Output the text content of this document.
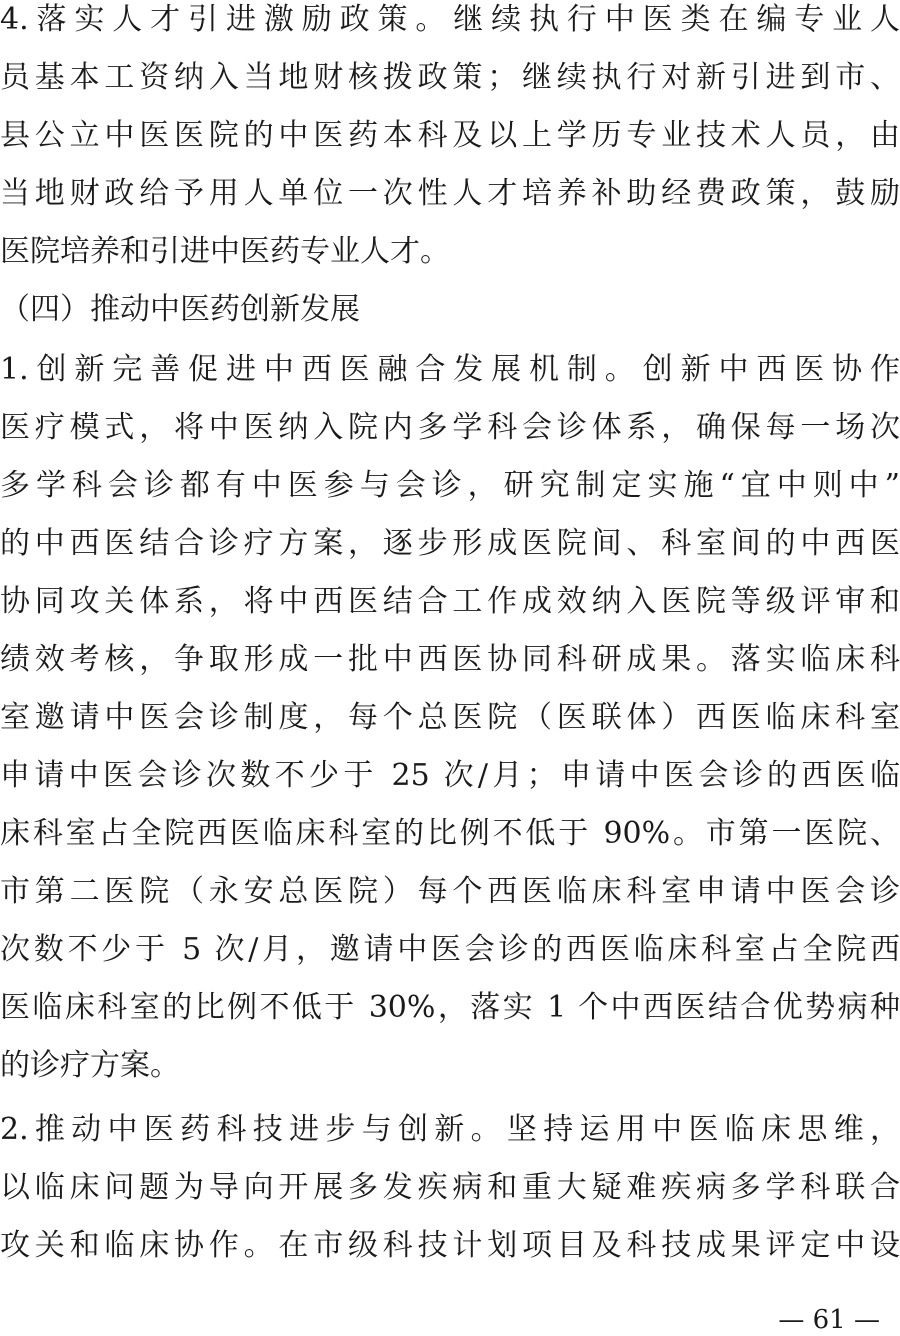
4.落实人才引进激励政策。继续执行中医类在编专业人
员基本工资纳入当地财核拨政策；继续执行对新引进到市、
县公立中医医院的中医药本科及以上学历专业技术人员，由
当地财政给予用人单位一次性人才培养补助经费政策，鼓励
医院培养和引进中医药专业人才。
（四）推动中医药创新发展
1.创新完善促进中西医融合发展机制。创新中西医协作
医疗模式，将中医纳入院内多学科会诊体系，确保每一场次
多学科会诊都有中医参与会诊，研究制定实施“宜中则中”
的中西医结合诊疗方案，逐步形成医院间、科室间的中西医
协同攻关体系，将中西医结合工作成效纳入医院等级评审和
绩效考核，争取形成一批中西医协同科研成果。落实临床科
室邀请中医会诊制度，每个总医院（医联体）西医临床科室
申请中医会诊次数不少于 25 次/月；申请中医会诊的西医临
床科室占全院西医临床科室的比例不低于 90%。市第一医院、
市第二医院（永安总医院）每个西医临床科室申请中医会诊
次数不少于 5 次/月，邀请中医会诊的西医临床科室占全院西
医临床科室的比例不低于 30%，落实 1 个中西医结合优势病种
的诊疗方案。
2.推动中医药科技进步与创新。坚持运用中医临床思维，
以临床问题为导向开展多发疾病和重大疑难疾病多学科联合
攻关和临床协作。在市级科技计划项目及科技成果评定中设
— 61 —
